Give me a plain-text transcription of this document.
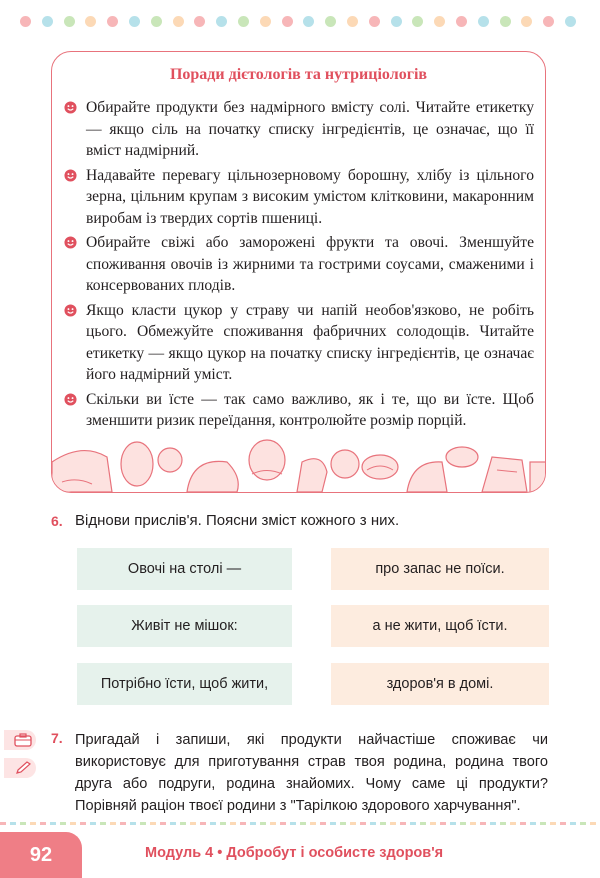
Поради дієтологів та нутриціологів
Обирайте продукти без надмірного вмісту солі. Читайте етикетку — якщо сіль на початку списку інгредієнтів, це означає, що її вміст надмірний.
Надавайте перевагу цільнозерновому борошну, хлібу із цільного зерна, цільним крупам з високим умістом клітковини, макаронним виробам із твердих сортів пшениці.
Обирайте свіжі або заморожені фрукти та овочі. Зменшуйте споживання овочів із жирними та гострими соусами, смаженими і консервованих плодів.
Якщо класти цукор у страву чи напій необов'язково, не робіть цього. Обмежуйте споживання фабричних солодощів. Читайте етикетку — якщо цукор на початку списку інгредієнтів, це означає його надмірний уміст.
Скільки ви їсте — так само важливо, як і те, що ви їсте. Щоб зменшити ризик переїдання, контролюйте розмір порцій.
6. Віднови прислів'я. Поясни зміст кожного з них.
Овочі на столі —
Живіт не мішок:
Потрібно їсти, щоб жити,
про запас не поїси.
а не жити, щоб їсти.
здоров'я в домі.
7. Пригадай і запиши, які продукти найчастіше споживає чи використовує для приготування страв твоя родина, родина твого друга або подруги, родина знайомих. Чому саме ці продукти? Порівняй раціон твоєї родини з "Тарілкою здорового харчування".
92	Модуль 4 • Добробут і особисте здоров'я
